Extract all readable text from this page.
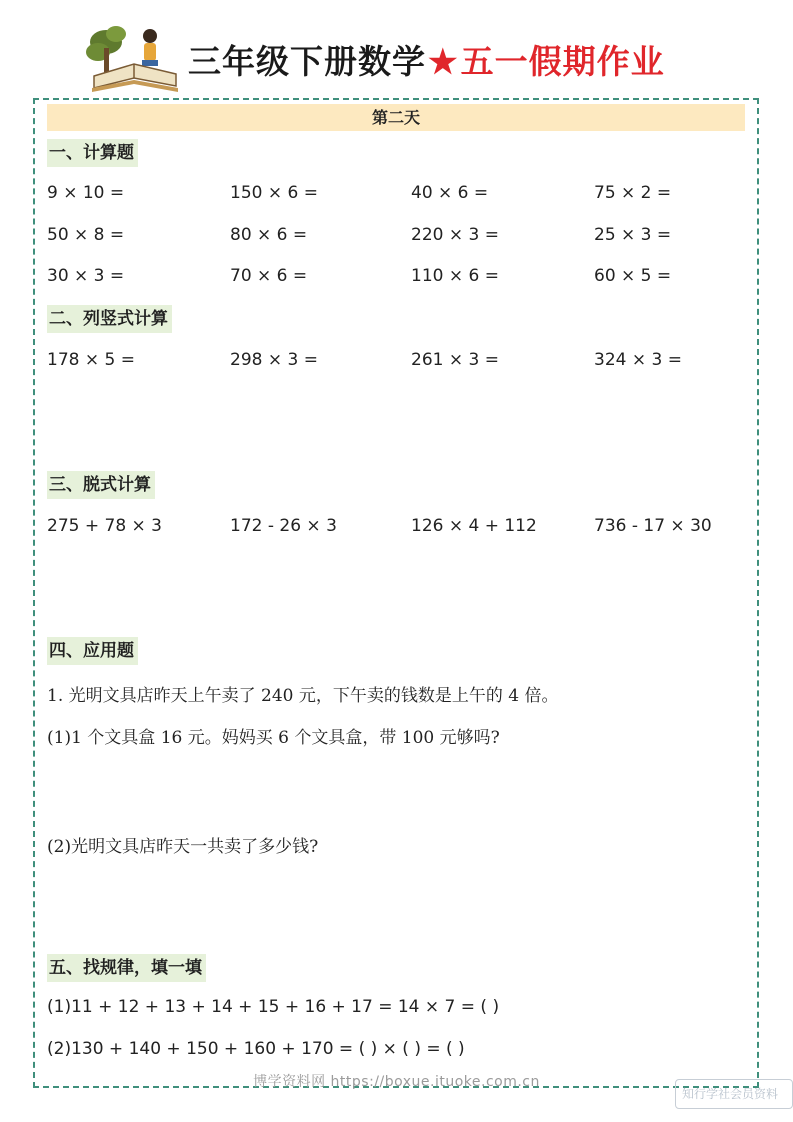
三年级下册数学★五一假期作业
第二天
一、计算题
9 × 10 =	150 × 6 =	40 × 6 =	75 × 2 =
50 × 8 =	80 × 6 =	220 × 3 =	25 × 3 =
30 × 3 =	70 × 6 =	110 × 6 =	60 × 5 =
二、列竖式计算
178 × 5 =	298 × 3 =	261 × 3 =	324 × 3 =
三、脱式计算
275 + 78 × 3	172 - 26 × 3	126 × 4 + 112	736 - 17 × 30
四、应用题
1. 光明文具店昨天上午卖了 240 元，下午卖的钱数是上午的 4 倍。
(1)1 个文具盒 16 元。妈妈买 6 个文具盒，带 100 元够吗?
(2)光明文具店昨天一共卖了多少钱?
五、找规律，填一填
(1)11 + 12 + 13 + 14 + 15 + 16 + 17 = 14 × 7 = ( )
(2)130 + 140 + 150 + 160 + 170 = ( ) × ( ) = ( )
博学资料网 https://boxue.ituoke.com.cn
知行学社会员资料
